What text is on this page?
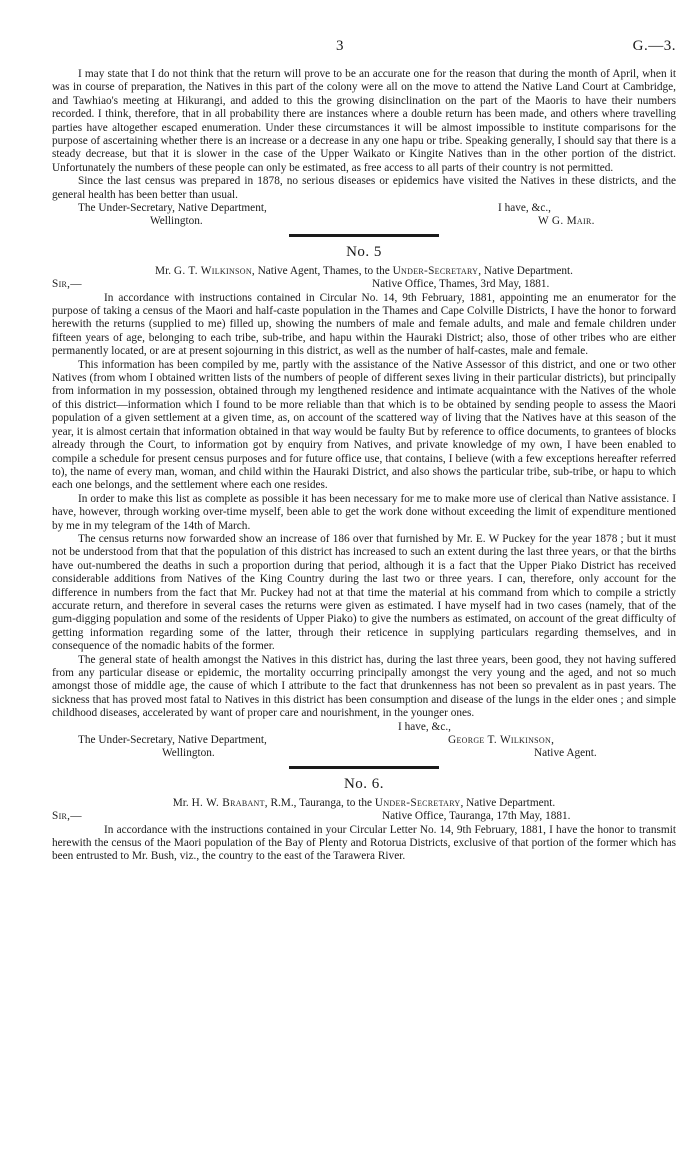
3	G.—3.

I may state that I do not think that the return will prove to be an accurate one for the reason that during the month of April, when it was in course of preparation, the Natives in this part of the colony were all on the move to attend the Native Land Court at Cambridge, and Tawhiao's meeting at Hikurangi, and added to this the growing disinclination on the part of the Maoris to have their numbers recorded. I think, therefore, that in all probability there are instances where a double return has been made, and others where travelling parties have altogether escaped enumeration. Under these circumstances it will be almost impossible to institute comparisons for the purpose of ascertaining whether there is an increase or a decrease in any one hapu or tribe. Speaking generally, I should say that there is a steady decrease, but that it is slower in the case of the Upper Waikato or Kingite Natives than in the other portion of the district. Unfortunately the numbers of these people can only be estimated, as free access to all parts of their country is not permitted.

Since the last census was prepared in 1878, no serious diseases or epidemics have visited the Natives in these districts, and the general health has been better than usual.

The Under-Secretary, Native Department,	I have, &c.,
Wellington.	W G. Mair.
No. 5

Mr. G. T. Wilkinson, Native Agent, Thames, to the Under-Secretary, Native Department.

Sir,—	Native Office, Thames, 3rd May, 1881.

In accordance with instructions contained in Circular No. 14, 9th February, 1881, appointing me an enumerator for the purpose of taking a census of the Maori and half-caste population in the Thames and Cape Colville Districts, I have the honor to forward herewith the returns (supplied to me) filled up, showing the numbers of male and female adults, and male and female children under fifteen years of age, belonging to each tribe, sub-tribe, and hapu within the Hauraki District; also, those of other tribes who are either permanently located, or are at present sojourning in this district, as well as the number of half-castes, male and female.

This information has been compiled by me, partly with the assistance of the Native Assessor of this district, and one or two other Natives (from whom I obtained written lists of the numbers of people of different sexes living in their particular districts), but principally from information in my possession, obtained through my lengthened residence and intimate acquaintance with the Natives of the whole of this district—information which I found to be more reliable than that which is to be obtained by sending people to assess the Maori population of a given settlement at a given time, as, on account of the scattered way of living that the Natives have at this season of the year, it is almost certain that information obtained in that way would be faulty But by reference to office documents, to grantees of blocks already through the Court, to information got by enquiry from Natives, and private knowledge of my own, I have been enabled to compile a schedule for present census purposes and for future office use, that contains, I believe (with a few exceptions hereafter referred to), the name of every man, woman, and child within the Hauraki District, and also shows the particular tribe, sub-tribe, or hapu to which each one belongs, and the settlement where each one resides.

In order to make this list as complete as possible it has been necessary for me to make more use of clerical than Native assistance. I have, however, through working over-time myself, been able to get the work done without exceeding the limit of expenditure mentioned by me in my telegram of the 14th of March.

The census returns now forwarded show an increase of 186 over that furnished by Mr. E. W Puckey for the year 1878 ; but it must not be understood from that that the population of this district has increased to such an extent during the last three years, or that the births have out-numbered the deaths in such a proportion during that period, although it is a fact that the Upper Piako District has received considerable additions from Natives of the King Country during the last two or three years. I can, therefore, only account for the difference in numbers from the fact that Mr. Puckey had not at that time the material at his command from which to compile a strictly accurate return, and therefore in several cases the returns were given as estimated. I have myself had in two cases (namely, that of the gum-digging population and some of the residents of Upper Piako) to give the numbers as estimated, on account of the great difficulty of getting information regarding some of the latter, through their reticence in supplying particulars regarding themselves, and in consequence of the nomadic habits of the former.

The general state of health amongst the Natives in this district has, during the last three years, been good, they not having suffered from any particular disease or epidemic, the mortality occurring principally amongst the very young and the aged, and not so much amongst those of middle age, the cause of which I attribute to the fact that drunkenness has not been so prevalent as in past years. The sickness that has proved most fatal to Natives in this district has been consumption and disease of the lungs in the elder ones ; and simple childhood diseases, accelerated by want of proper care and nourishment, in the younger ones.

I have, &c.,
The Under-Secretary, Native Department,	George T. Wilkinson,
Wellington.	Native Agent.
No. 6.

Mr. H. W. Brabant, R.M., Tauranga, to the Under-Secretary, Native Department.

Sir,—	Native Office, Tauranga, 17th May, 1881.

In accordance with the instructions contained in your Circular Letter No. 14, 9th February, 1881, I have the honor to transmit herewith the census of the Maori population of the Bay of Plenty and Rotorua Districts, exclusive of that portion of the former which has been entrusted to Mr. Bush, viz., the country to the east of the Tarawera River.
